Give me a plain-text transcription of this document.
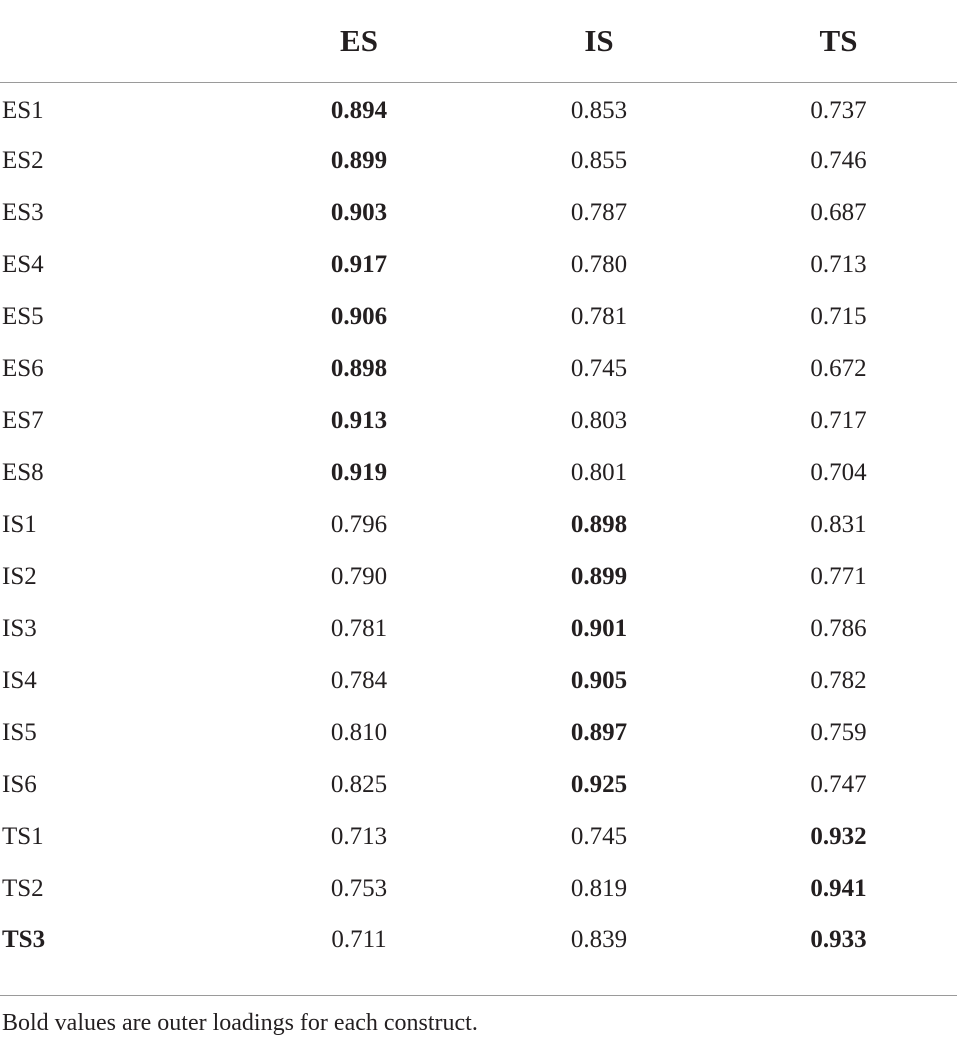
	ES	IS	TS
ES1	0.894	0.853	0.737
ES2	0.899	0.855	0.746
ES3	0.903	0.787	0.687
ES4	0.917	0.780	0.713
ES5	0.906	0.781	0.715
ES6	0.898	0.745	0.672
ES7	0.913	0.803	0.717
ES8	0.919	0.801	0.704
IS1	0.796	0.898	0.831
IS2	0.790	0.899	0.771
IS3	0.781	0.901	0.786
IS4	0.784	0.905	0.782
IS5	0.810	0.897	0.759
IS6	0.825	0.925	0.747
TS1	0.713	0.745	0.932
TS2	0.753	0.819	0.941
TS3	0.711	0.839	0.933

Bold values are outer loadings for each construct.
